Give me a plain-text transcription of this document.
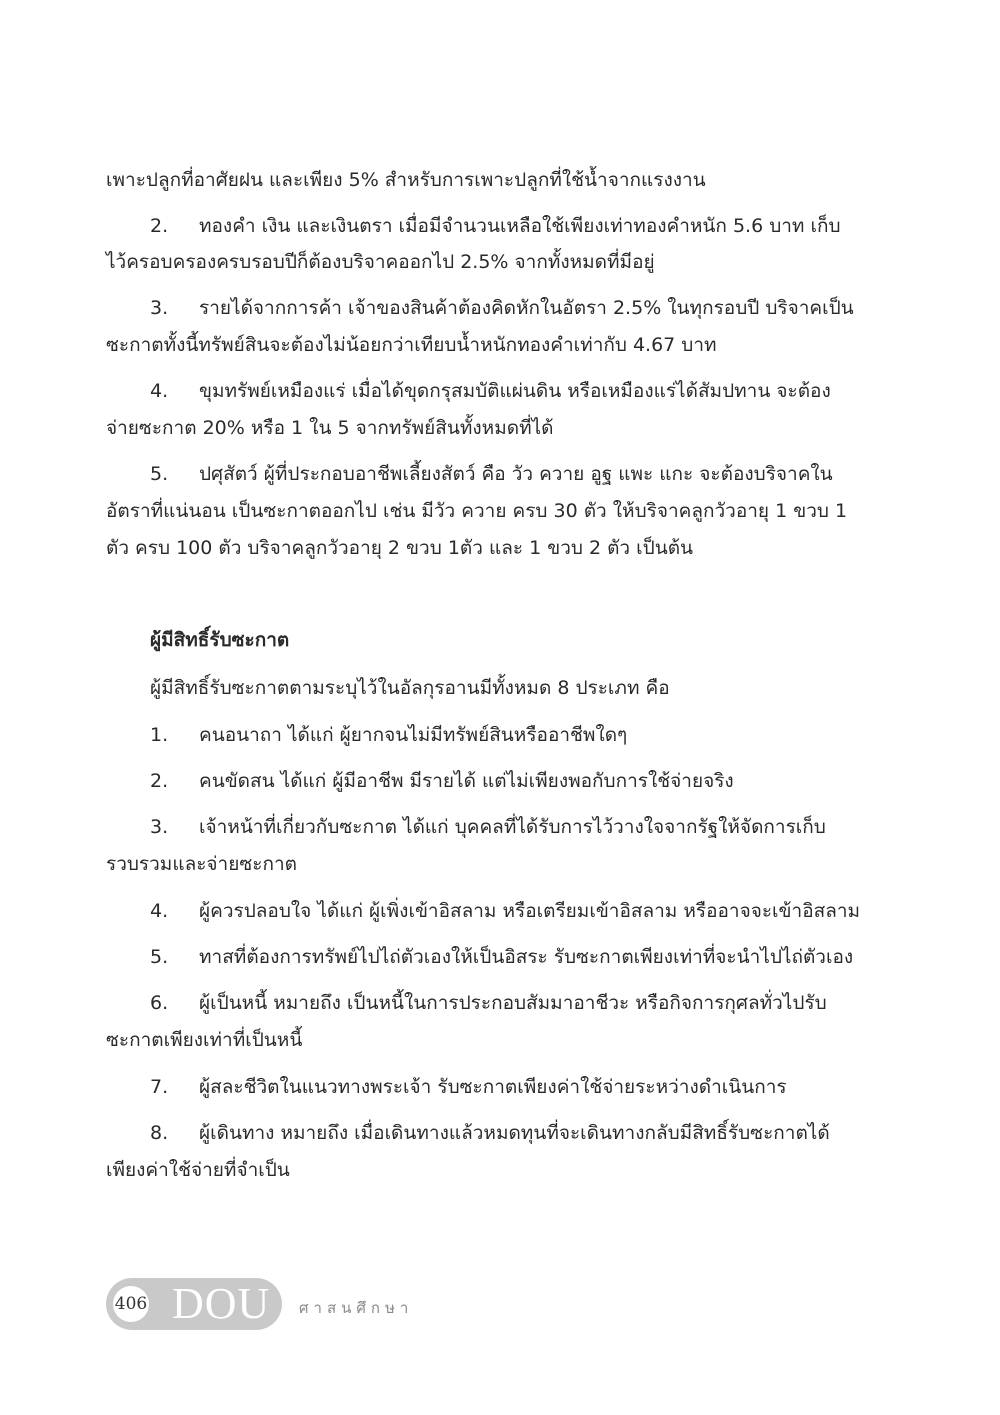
เพาะปลูกที่อาศัยฝน และเพียง 5% สำหรับการเพาะปลูกที่ใช้น้ำจากแรงงาน
2. ทองคำ เงิน และเงินตรา เมื่อมีจำนวนเหลือใช้เพียงเท่าทองคำหนัก 5.6 บาท เก็บ
ไว้ครอบครองครบรอบปีก็ต้องบริจาคออกไป 2.5% จากทั้งหมดที่มีอยู่
3. รายได้จากการค้า เจ้าของสินค้าต้องคิดหักในอัตรา 2.5% ในทุกรอบปี บริจาคเป็น
ซะกาตทั้งนี้ทรัพย์สินจะต้องไม่น้อยกว่าเทียบน้ำหนักทองคำเท่ากับ 4.67 บาท
4. ขุมทรัพย์เหมืองแร่ เมื่อได้ขุดกรุสมบัติแผ่นดิน หรือเหมืองแร่ได้สัมปทาน จะต้อง
จ่ายซะกาต 20% หรือ 1 ใน 5 จากทรัพย์สินทั้งหมดที่ได้
5. ปศุสัตว์ ผู้ที่ประกอบอาชีพเลี้ยงสัตว์ คือ วัว ควาย อูฐ แพะ แกะ จะต้องบริจาคใน
อัตราที่แน่นอน เป็นซะกาตออกไป เช่น มีวัว ควาย ครบ 30 ตัว ให้บริจาคลูกวัวอายุ 1 ขวบ 1
ตัว ครบ 100 ตัว บริจาคลูกวัวอายุ 2 ขวบ 1ตัว และ 1 ขวบ 2 ตัว เป็นต้น
ผู้มีสิทธิ์รับซะกาต
ผู้มีสิทธิ์รับซะกาตตามระบุไว้ในอัลกุรอานมีทั้งหมด 8 ประเภท คือ
1. คนอนาถา ได้แก่ ผู้ยากจนไม่มีทรัพย์สินหรืออาชีพใดๆ
2. คนขัดสน ได้แก่ ผู้มีอาชีพ มีรายได้ แต่ไม่เพียงพอกับการใช้จ่ายจริง
3. เจ้าหน้าที่เกี่ยวกับซะกาต ได้แก่ บุคคลที่ได้รับการไว้วางใจจากรัฐให้จัดการเก็บ
รวบรวมและจ่ายซะกาต
4. ผู้ควรปลอบใจ ได้แก่ ผู้เพิ่งเข้าอิสลาม หรือเตรียมเข้าอิสลาม หรืออาจจะเข้าอิสลาม
5. ทาสที่ต้องการทรัพย์ไปไถ่ตัวเองให้เป็นอิสระ รับซะกาตเพียงเท่าที่จะนำไปไถ่ตัวเอง
6. ผู้เป็นหนี้ หมายถึง เป็นหนี้ในการประกอบสัมมาอาชีวะ หรือกิจการกุศลทั่วไปรับ
ซะกาตเพียงเท่าที่เป็นหนี้
7. ผู้สละชีวิตในแนวทางพระเจ้า รับซะกาตเพียงค่าใช้จ่ายระหว่างดำเนินการ
8. ผู้เดินทาง หมายถึง เมื่อเดินทางแล้วหมดทุนที่จะเดินทางกลับมีสิทธิ์รับซะกาตได้
เพียงค่าใช้จ่ายที่จำเป็น
406 DOU ศาสนศึกษา
